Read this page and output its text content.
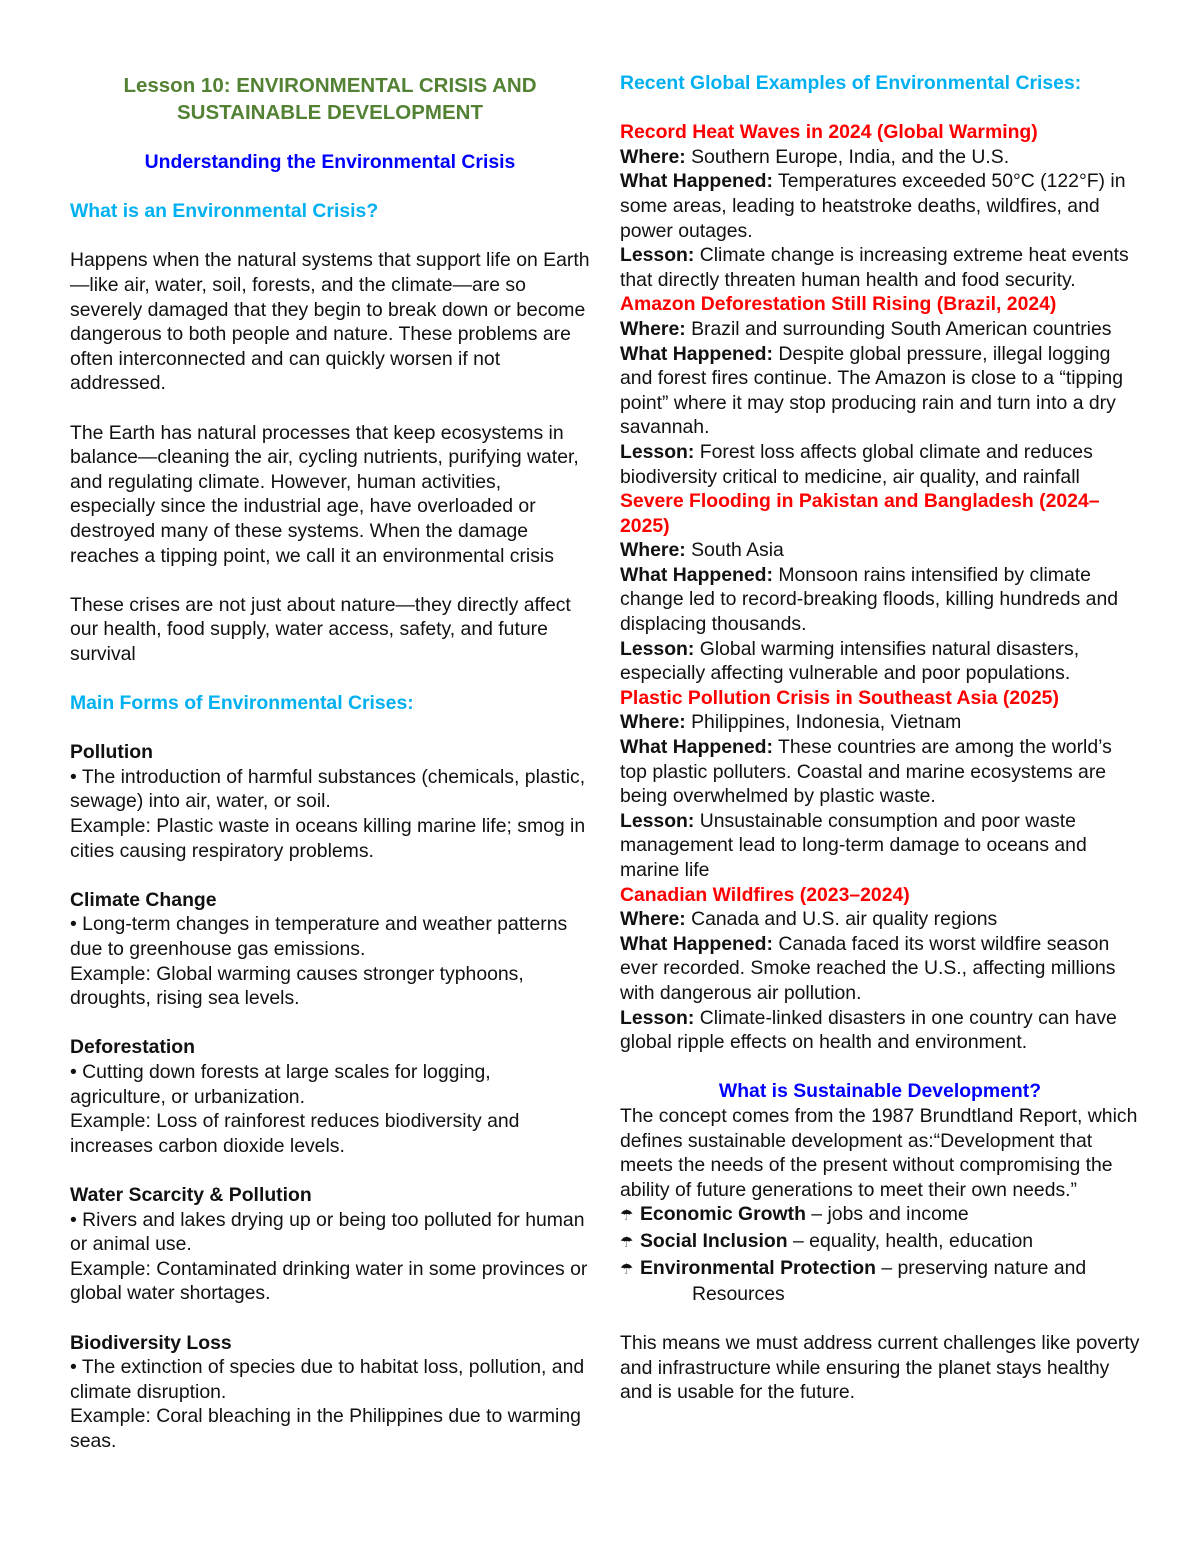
Lesson 10: ENVIRONMENTAL CRISIS AND SUSTAINABLE DEVELOPMENT

Understanding the Environmental Crisis

What is an Environmental Crisis?

Happens when the natural systems that support life on Earth—like air, water, soil, forests, and the climate—are so severely damaged that they begin to break down or become dangerous to both people and nature. These problems are often interconnected and can quickly worsen if not addressed.

The Earth has natural processes that keep ecosystems in balance—cleaning the air, cycling nutrients, purifying water, and regulating climate. However, human activities, especially since the industrial age, have overloaded or destroyed many of these systems. When the damage reaches a tipping point, we call it an environmental crisis

These crises are not just about nature—they directly affect our health, food supply, water access, safety, and future survival

Main Forms of Environmental Crises:

Pollution

• The introduction of harmful substances (chemicals, plastic, sewage) into air, water, or soil.

Example: Plastic waste in oceans killing marine life; smog in cities causing respiratory problems.

Climate Change

• Long-term changes in temperature and weather patterns due to greenhouse gas emissions.

Example: Global warming causes stronger typhoons, droughts, rising sea levels.

Deforestation

• Cutting down forests at large scales for logging, agriculture, or urbanization.

Example: Loss of rainforest reduces biodiversity and increases carbon dioxide levels.

Water Scarcity & Pollution

• Rivers and lakes drying up or being too polluted for human or animal use.

Example: Contaminated drinking water in some provinces or global water shortages.

Biodiversity Loss

• The extinction of species due to habitat loss, pollution, and climate disruption.

Example: Coral bleaching in the Philippines due to warming seas.

Recent Global Examples of Environmental Crises:

Record Heat Waves in 2024 (Global Warming)

Where: Southern Europe, India, and the U.S.

What Happened: Temperatures exceeded 50°C (122°F) in some areas, leading to heatstroke deaths, wildfires, and power outages.

Lesson: Climate change is increasing extreme heat events that directly threaten human health and food security.

Amazon Deforestation Still Rising (Brazil, 2024)

Where: Brazil and surrounding South American countries

What Happened: Despite global pressure, illegal logging and forest fires continue. The Amazon is close to a “tipping point” where it may stop producing rain and turn into a dry savannah.

Lesson: Forest loss affects global climate and reduces biodiversity critical to medicine, air quality, and rainfall

Severe Flooding in Pakistan and Bangladesh (2024– 2025)

Where: South Asia

What Happened: Monsoon rains intensified by climate change led to record-breaking floods, killing hundreds and displacing thousands.

Lesson: Global warming intensifies natural disasters, especially affecting vulnerable and poor populations.

Plastic Pollution Crisis in Southeast Asia (2025)

Where: Philippines, Indonesia, Vietnam

What Happened: These countries are among the world’s top plastic polluters. Coastal and marine ecosystems are being overwhelmed by plastic waste.

Lesson: Unsustainable consumption and poor waste management lead to long-term damage to oceans and marine life

Canadian Wildfires (2023–2024)

Where: Canada and U.S. air quality regions

What Happened: Canada faced its worst wildfire season ever recorded. Smoke reached the U.S., affecting millions with dangerous air pollution.

Lesson: Climate-linked disasters in one country can have global ripple effects on health and environment.

What is Sustainable Development?

The concept comes from the 1987 Brundtland Report, which defines sustainable development as:“Development that meets the needs of the present without compromising the ability of future generations to meet their own needs.”

☂ Economic Growth – jobs and income

☂ Social Inclusion – equality, health, education

☂ Environmental Protection – preserving nature and

Resources

This means we must address current challenges like poverty and infrastructure while ensuring the planet stays healthy and is usable for the future.
